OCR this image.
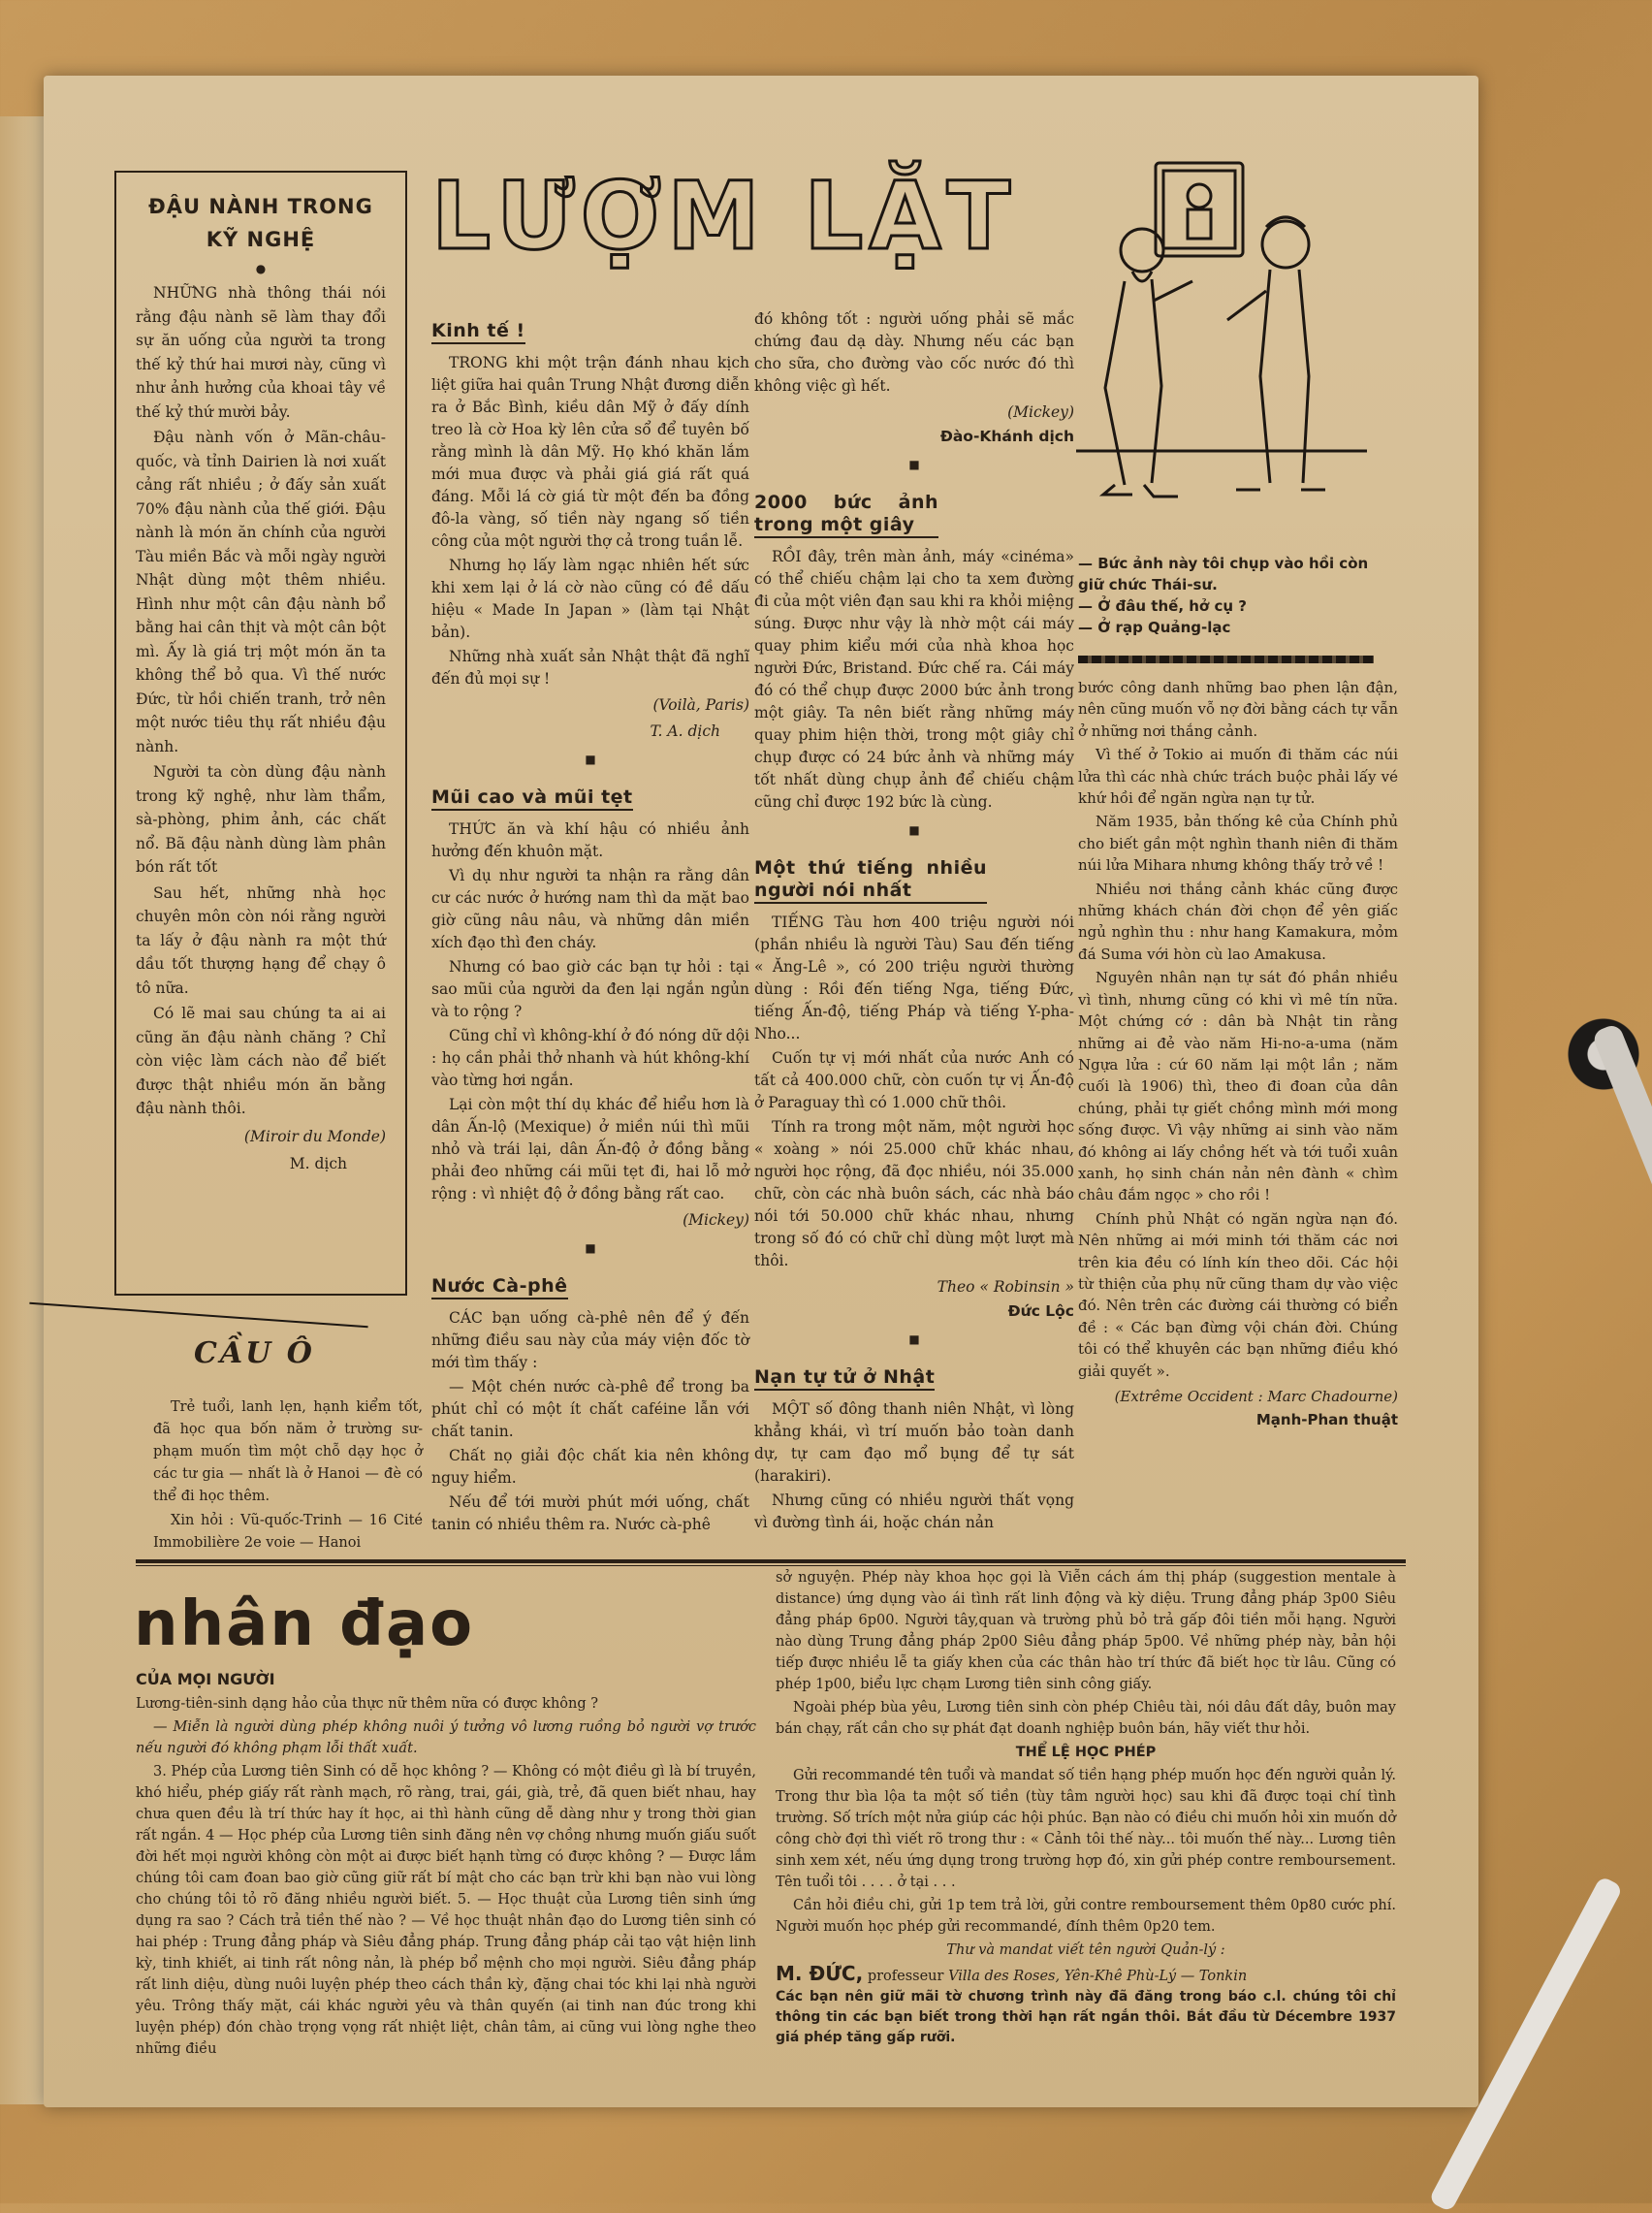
ĐẬU NÀNH TRONG
KỸ NGHỆ
●

NHỮNG nhà thông thái nói rằng đậu nành sẽ làm thay đổi sự ăn uống của người ta trong thế kỷ thứ hai mươi này, cũng vì như ảnh hưởng của khoai tây về thế kỷ thứ mười bảy.

Đậu nành vốn ở Mãn-châu-quốc, và tỉnh Dairien là nơi xuất cảng rất nhiều ; ở đấy sản xuất 70% đậu nành của thế giới. Đậu nành là món ăn chính của người Tàu miền Bắc và mỗi ngày người Nhật dùng một thêm nhiều. Hình như một cân đậu nành bổ bằng hai cân thịt và một cân bột mì. Ấy là giá trị một món ăn ta không thể bỏ qua. Vì thế nước Đức, từ hồi chiến tranh, trở nên một nước tiêu thụ rất nhiều đậu nành.

Người ta còn dùng đậu nành trong kỹ nghệ, như làm thẩm, sà-phòng, phim ảnh, các chất nổ. Bã đậu nành dùng làm phân bón rất tốt

Sau hết, những nhà học chuyên môn còn nói rằng người ta lấy ở đậu nành ra một thứ dầu tốt thượng hạng để chạy ô tô nữa.

Có lẽ mai sau chúng ta ai ai cũng ăn đậu nành chăng ? Chỉ còn việc làm cách nào để biết được thật nhiều món ăn bằng đậu nành thôi.

(Miroir du Monde)
M. dịch
LƯỢM LẶT
Kinh tế !

TRONG khi một trận đánh nhau kịch liệt giữa hai quân Trung Nhật đương diễn ra ở Bắc Bình, kiều dân Mỹ ở đấy dính treo là cờ Hoa kỳ lên cửa sổ để tuyên bố rằng mình là dân Mỹ. Họ khó khăn lắm mới mua được và phải giá giá rất quá đáng. Mỗi lá cờ giá từ một đến ba đồng đô-la vàng, số tiền này ngang số tiền công của một người thợ cả trong tuần lễ.

Nhưng họ lấy làm ngạc nhiên hết sức khi xem lại ở lá cờ nào cũng có đề dấu hiệu « Made In Japan » (làm tại Nhật bản).

Những nhà xuất sản Nhật thật đã nghĩ đến đủ mọi sự !

(Voilà, Paris)
T. A. dịch
■
Mũi cao và mũi tẹt

THỨC ăn và khí hậu có nhiều ảnh hưởng đến khuôn mặt.

Vì dụ như người ta nhận ra rằng dân cư các nước ở hướng nam thì da mặt bao giờ cũng nâu nâu, và những dân miền xích đạo thì đen cháy.

Nhưng có bao giờ các bạn tự hỏi : tại sao mũi của người da đen lại ngắn ngủn và to rộng ?

Cũng chỉ vì không-khí ở đó nóng dữ dội : họ cần phải thở nhanh và hút không-khí vào từng hơi ngắn.

Lại còn một thí dụ khác để hiểu hơn là dân Ấn-lộ (Mexique) ở miền núi thì mũi nhỏ và trái lại, dân Ấn-độ ở đồng bằng phải đeo những cái mũi tẹt đi, hai lỗ mở rộng : vì nhiệt độ ở đồng bằng rất cao.

(Mickey)
■
Nước Cà-phê

CÁC bạn uống cà-phê nên để ý đến những điều sau này của máy viện đốc tờ mới tìm thấy :

— Một chén nước cà-phê để trong ba phút chỉ có một ít chất caféine lẫn với chất tanin.

Chất nọ giải độc chất kia nên không nguy hiểm.

Nếu để tới mười phút mới uống, chất tanin có nhiều thêm ra. Nước cà-phê

đó không tốt : người uống phải sẽ mắc chứng đau dạ dày. Nhưng nếu các bạn cho sữa, cho đường vào cốc nước đó thì không việc gì hết.

(Mickey)
Đào-Khánh dịch
■
2000 bức ảnh trong một giây

RỒI đây, trên màn ảnh, máy «cinéma» có thể chiếu chậm lại cho ta xem đường đi của một viên đạn sau khi ra khỏi miệng súng. Được như vậy là nhờ một cái máy quay phim kiểu mới của nhà khoa học người Đức, Bristand. Đức chế ra. Cái máy đó có thể chụp được 2000 bức ảnh trong một giây. Ta nên biết rằng những máy quay phim hiện thời, trong một giây chỉ chụp được có 24 bức ảnh và những máy tốt nhất dùng chụp ảnh để chiếu chậm cũng chỉ được 192 bức là cùng.

■
Một thứ tiếng nhiều người nói nhất

TIẾNG Tàu hơn 400 triệu người nói (phần nhiều là người Tàu) Sau đến tiếng « Ăng-Lê », có 200 triệu người thường dùng : Rồi đến tiếng Nga, tiếng Đức, tiếng Ấn-độ, tiếng Pháp và tiếng Y-pha-Nho...

Cuốn tự vị mới nhất của nước Anh có tất cả 400.000 chữ, còn cuốn tự vị Ấn-độ ở Paraguay thì có 1.000 chữ thôi.

Tính ra trong một năm, một người học « xoàng » nói 25.000 chữ khác nhau, người học rộng, đã đọc nhiều, nói 35.000 chữ, còn các nhà buôn sách, các nhà báo nói tới 50.000 chữ khác nhau, nhưng trong số đó có chữ chỉ dùng một lượt mà thôi.

Theo « Robinsin »
Đức Lộc
■
Nạn tự tử ở Nhật

MỘT số đông thanh niên Nhật, vì lòng khẳng khái, vì trí muốn bảo toàn danh dự, tự cam đạo mổ bụng để tự sát (harakiri).

Nhưng cũng có nhiều người thất vọng vì đường tình ái, hoặc chán nản

— Bức ảnh này tôi chụp vào hồi còn giữ chức Thái-sư.
— Ở đâu thế, hở cụ ?
— Ở rạp Quảng-lạc

bước công danh những bao phen lận đận, nên cũng muốn vỗ nợ đời bằng cách tự vẫn ở những nơi thắng cảnh.

Vì thế ở Tokio ai muốn đi thăm các núi lửa thì các nhà chức trách buộc phải lấy vé khứ hồi để ngăn ngừa nạn tự tử.

Năm 1935, bản thống kê của Chính phủ cho biết gần một nghìn thanh niên đi thăm núi lửa Mihara nhưng không thấy trở về !

Nhiều nơi thắng cảnh khác cũng được những khách chán đời chọn để yên giấc ngủ nghìn thu : như hang Kamakura, mỏm đá Suma với hòn cù lao Amakusa.

Nguyên nhân nạn tự sát đó phần nhiều vì tình, nhưng cũng có khi vì mê tín nữa. Một chứng cớ : dân bà Nhật tin rằng những ai đẻ vào năm Hi-no-a-uma (năm Ngựa lửa : cứ 60 năm lại một lần ; năm cuối là 1906) thì, theo đi đoan của dân chúng, phải tự giết chồng mình mới mong sống được. Vì vậy những ai sinh vào năm đó không ai lấy chồng hết và tới tuổi xuân xanh, họ sinh chán nản nên đành « chìm châu đắm ngọc » cho rồi !

Chính phủ Nhật có ngăn ngừa nạn đó. Nên những ai mới minh tới thăm các nơi trên kia đều có lính kín theo dõi. Các hội từ thiện của phụ nữ cũng tham dự vào việc đó. Nên trên các đường cái thường có biển đề : « Các bạn đừng vội chán đời. Chúng tôi có thể khuyên các bạn những điều khó giải quyết ».

(Extrême Occident : Marc Chadourne)
Mạnh-Phan thuật
CẦU Ô

Trẻ tuổi, lanh lẹn, hạnh kiểm tốt, đã học qua bốn năm ở trường sư-phạm muốn tìm một chỗ dạy học ở các tư gia — nhất là ở Hanoi — đè có thể đi học thêm.

Xin hỏi : Vũ-quốc-Trinh — 16 Cité Immobilière 2e voie — Hanoi

nhân đạo
CỦA MỌI NGƯỜI

Lương-tiên-sinh dạng hảo của thực nữ thêm nữa có được không ?

— Miễn là người dùng phép không nuôi ý tưởng vô lương ruồng bỏ người vợ trước nếu người đó không phạm lỗi thất xuất.

3. Phép của Lương tiên Sinh có dễ học không ? — Không có một điều gì là bí truyền, khó hiểu, phép giấy rất rành mạch, rõ ràng, trai, gái, già, trẻ, đã quen biết nhau, hay chưa quen đều là trí thức hay ít học, ai thì hành cũng dễ dàng như y trong thời gian rất ngắn. 4 — Học phép của Lương tiên sinh đăng nên vợ chồng nhưng muốn giấu suốt đời hết mọi người không còn một ai được biết hạnh từng có được không ? — Được lắm chúng tôi cam đoan bao giờ cũng giữ rất bí mật cho các bạn trừ khi bạn nào vui lòng cho chúng tôi tỏ rõ đăng nhiều người biết. 5. — Học thuật của Lương tiên sinh ứng dụng ra sao ? Cách trả tiền thế nào ? — Về học thuật nhân đạo do Lương tiên sinh có hai phép : Trung đẳng pháp và Siêu đẳng pháp. Trung đẳng pháp cải tạo vật hiện linh kỳ, tinh khiết, ai tinh rất nông nản, là phép bổ mệnh cho mọi người. Siêu đẳng pháp rất linh diệu, dùng nuôi luyện phép theo cách thần kỳ, đặng chai tóc khi lại nhà người yêu. Trông thấy mặt, cái khác người yêu và thân quyến (ai tinh nan đúc trong khi luyện phép) đón chào trọng vọng rất nhiệt liệt, chân tâm, ai cũng vui lòng nghe theo những điều

sở nguyện. Phép này khoa học gọi là Viễn cách ám thị pháp (suggestion mentale à distance) ứng dụng vào ái tình rất linh động và kỳ diệu. Trung đẳng pháp 3p00 Siêu đẳng pháp 6p00. Người tây,quan và trường phủ bỏ trả gấp đôi tiền mỗi hạng. Người nào dùng Trung đẳng pháp 2p00 Siêu đẳng pháp 5p00. Về những phép này, bản hội tiếp được nhiều lễ ta giấy khen của các thân hào trí thức đã biết học từ lâu. Cũng có phép 1p00, biểu lực chạm Lương tiên sinh công giấy.

Ngoài phép bùa yêu, Lương tiên sinh còn phép Chiêu tài, nói dâu đất dây, buôn may bán chạy, rất cần cho sự phát đạt doanh nghiệp buôn bán, hãy viết thư hỏi.

THỂ LỆ HỌC PHÉP

Gửi recommandé tên tuổi và mandat số tiền hạng phép muốn học đến người quản lý. Trong thư bìa lộa ta một số tiền (tùy tâm người học) sau khi đã được toại chí tình trường. Số trích một nửa giúp các hội phúc. Bạn nào có điều chi muốn hỏi xin muốn dở công chờ đợi thì viết rõ trong thư : « Cảnh tôi thế này... tôi muốn thế này... Lương tiên sinh xem xét, nếu ứng dụng trong trường hợp đó, xin gửi phép contre remboursement. Tên tuổi tôi . . . . ở tại . . .

Cần hỏi điều chi, gửi 1p tem trả lời, gửi contre remboursement thêm 0p80 cước phí. Người muốn học phép gửi recommandé, đính thêm 0p20 tem.

Thư và mandat viết tên người Quản-lý :
M. ĐỨC, professeur Villa des Roses, Yên-Khê Phù-Lý — Tonkin

Các bạn nên giữ mãi tờ chương trình này đã đăng trong báo c.l. chúng tôi chỉ thông tin các bạn biết trong thời hạn rất ngắn thôi. Bắt đầu từ Décembre 1937 giá phép tăng gấp rưỡi.
